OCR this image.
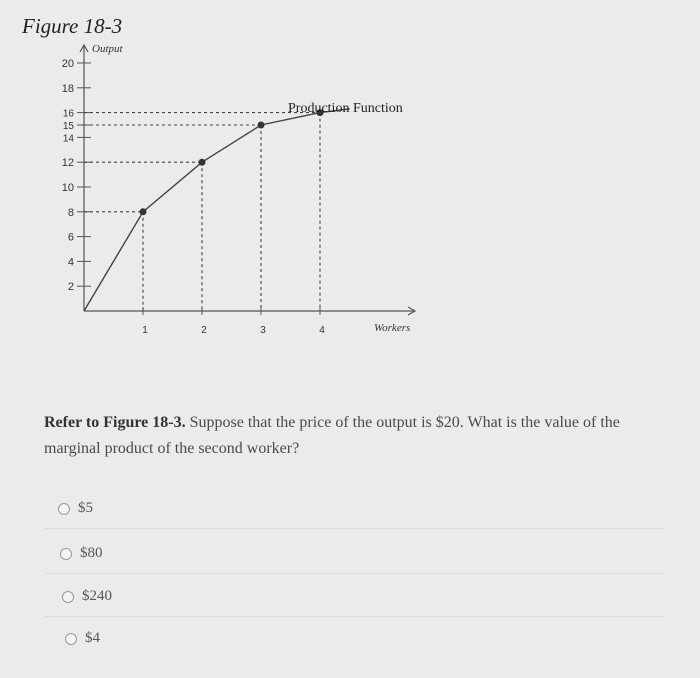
Figure 18-3
2
4
6
8
10
12
14
15
16
18
20
1	2	3	4
Output
Workers
Production Function
Refer to Figure 18-3. Suppose that the price of the output is $20. What is the value of the marginal product of the second worker?
$5
$80
$240
$4
